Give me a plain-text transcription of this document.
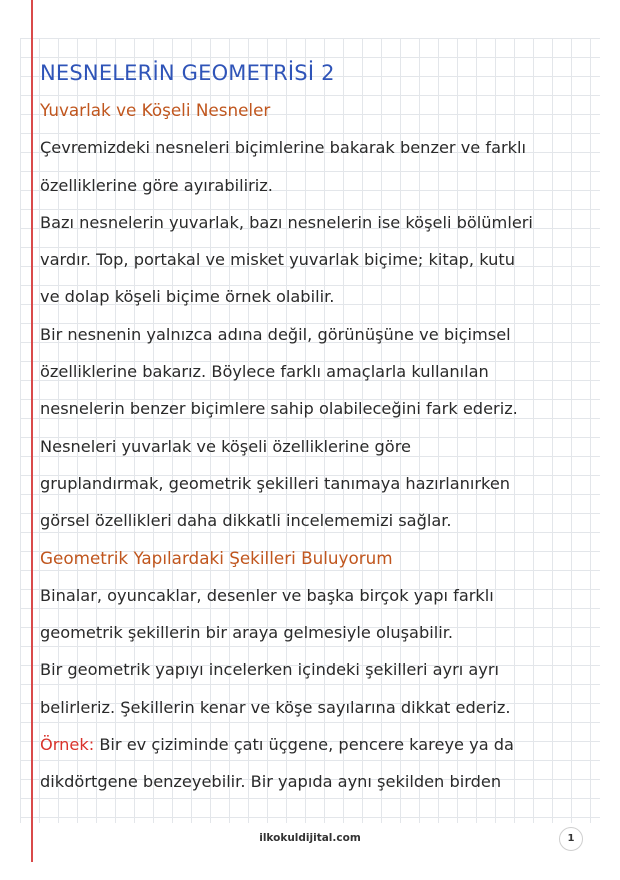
NESNELERİN GEOMETRİSİ 2
Yuvarlak ve Köşeli Nesneler
Çevremizdeki nesneleri biçimlerine bakarak benzer ve farklı
özelliklerine göre ayırabiliriz.
Bazı nesnelerin yuvarlak, bazı nesnelerin ise köşeli bölümleri
vardır. Top, portakal ve misket yuvarlak biçime; kitap, kutu
ve dolap köşeli biçime örnek olabilir.
Bir nesnenin yalnızca adına değil, görünüşüne ve biçimsel
özelliklerine bakarız. Böylece farklı amaçlarla kullanılan
nesnelerin benzer biçimlere sahip olabileceğini fark ederiz.
Nesneleri yuvarlak ve köşeli özelliklerine göre
gruplandırmak, geometrik şekilleri tanımaya hazırlanırken
görsel özellikleri daha dikkatli incelememizi sağlar.
Geometrik Yapılardaki Şekilleri Buluyorum
Binalar, oyuncaklar, desenler ve başka birçok yapı farklı
geometrik şekillerin bir araya gelmesiyle oluşabilir.
Bir geometrik yapıyı incelerken içindeki şekilleri ayrı ayrı
belirleriz. Şekillerin kenar ve köşe sayılarına dikkat ederiz.
Örnek: Bir ev çiziminde çatı üçgene, pencere kareye ya da
dikdörtgene benzeyebilir. Bir yapıda aynı şekilden birden
ilkokuldijital.com	1
